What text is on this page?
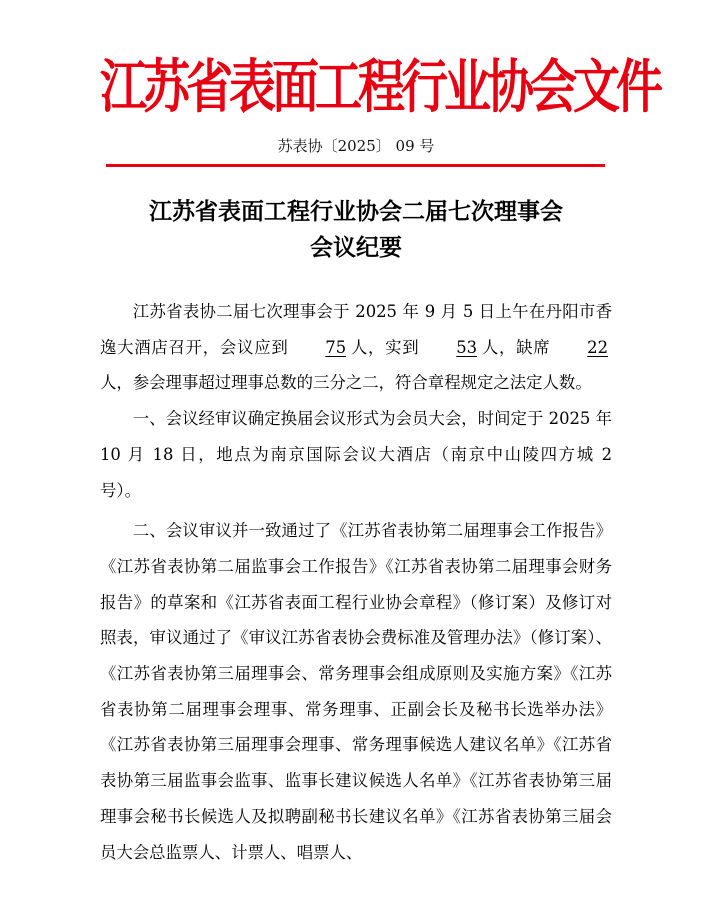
江苏省表面工程行业协会文件
苏表协〔2025〕 09 号
江苏省表面工程行业协会二届七次理事会
会议纪要

江苏省表协二届七次理事会于 2025 年 9 月 5 日上午在丹阳市香逸大酒店召开，会议应到 75 人，实到 53 人，缺席 22人，参会理事超过理事总数的三分之二，符合章程规定之法定人数。

一、会议经审议确定换届会议形式为会员大会，时间定于 2025 年 10 月 18 日，地点为南京国际会议大酒店（南京中山陵四方城 2 号）。

二、会议审议并一致通过了《江苏省表协第二届理事会工作报告》《江苏省表协第二届监事会工作报告》《江苏省表协第二届理事会财务报告》的草案和《江苏省表面工程行业协会章程》（修订案）及修订对照表，审议通过了《审议江苏省表协会费标准及管理办法》（修订案）、《江苏省表协第三届理事会、常务理事会组成原则及实施方案》《江苏省表协第二届理事会理事、常务理事、正副会长及秘书长选举办法》《江苏省表协第三届理事会理事、常务理事候选人建议名单》《江苏省表协第三届监事会监事、监事长建议候选人名单》《江苏省表协第三届理事会秘书长候选人及拟聘副秘书长建议名单》《江苏省表协第三届会员大会总监票人、计票人、唱票人、
